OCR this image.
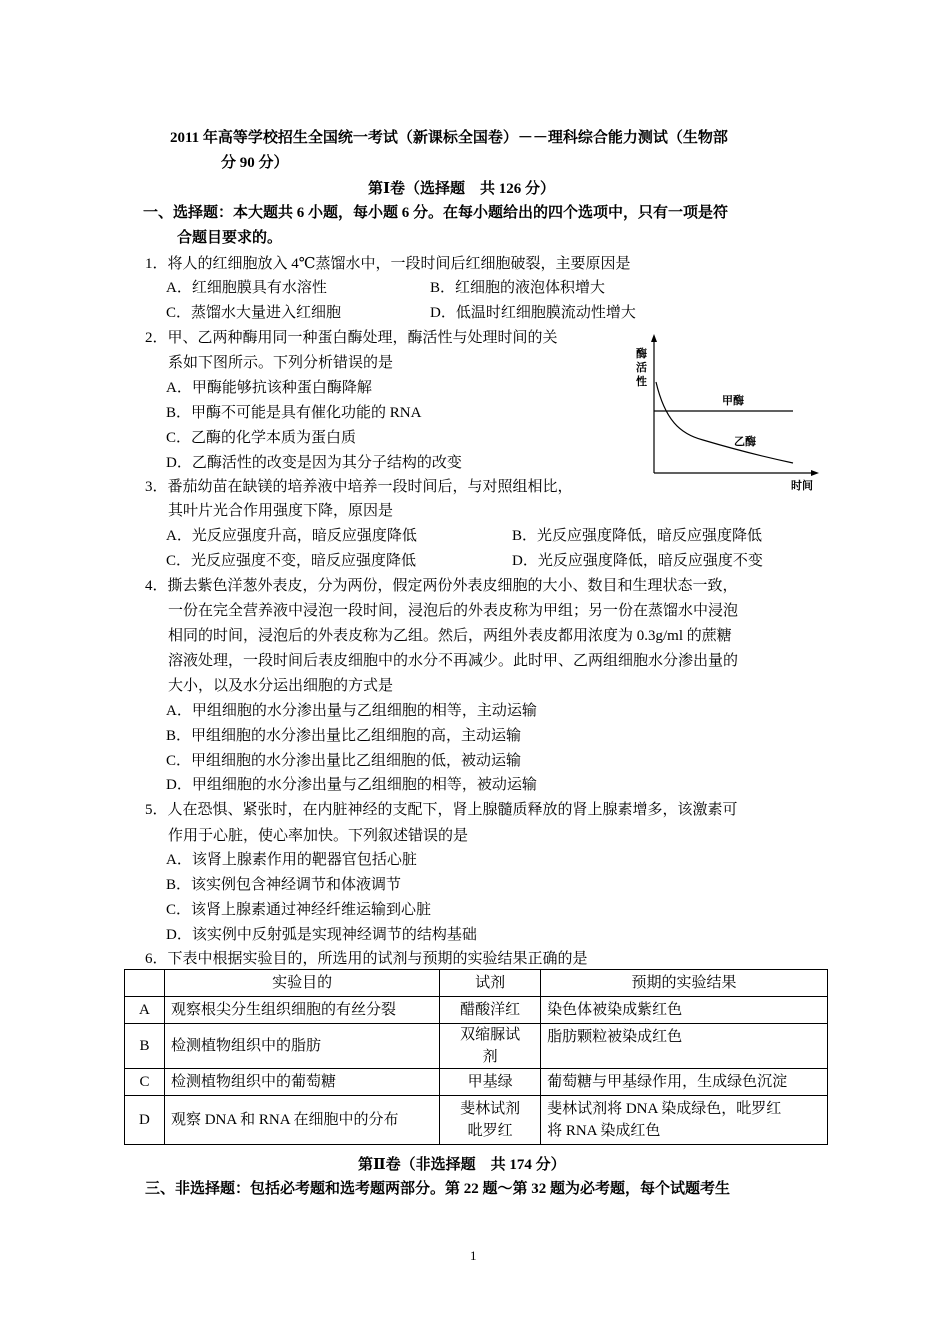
2011 年高等学校招生全国统一考试（新课标全国卷）－－理科综合能力测试（生物部
分 90 分）
第Ⅰ卷（选择题　共 126 分）
一、选择题：本大题共 6 小题，每小题 6 分。在每小题给出的四个选项中，只有一项是符
合题目要求的。
1．将人的红细胞放入 4℃蒸馏水中，一段时间后红细胞破裂，主要原因是
A．红细胞膜具有水溶性	B．红细胞的液泡体积增大
C．蒸馏水大量进入红细胞	D．低温时红细胞膜流动性增大
2．甲、乙两种酶用同一种蛋白酶处理，酶活性与处理时间的关
系如下图所示。下列分析错误的是
A．甲酶能够抗该种蛋白酶降解
B．甲酶不可能是具有催化功能的 RNA
C．乙酶的化学本质为蛋白质
D．乙酶活性的改变是因为其分子结构的改变
酶
活
性
时间
甲酶
乙酶
3．番茄幼苗在缺镁的培养液中培养一段时间后，与对照组相比，
其叶片光合作用强度下降，原因是
A．光反应强度升高，暗反应强度降低	B．光反应强度降低，暗反应强度降低
C．光反应强度不变，暗反应强度降低	D．光反应强度降低，暗反应强度不变
4．撕去紫色洋葱外表皮，分为两份，假定两份外表皮细胞的大小、数目和生理状态一致，
一份在完全营养液中浸泡一段时间，浸泡后的外表皮称为甲组；另一份在蒸馏水中浸泡
相同的时间，浸泡后的外表皮称为乙组。然后，两组外表皮都用浓度为 0.3g/ml 的蔗糖
溶液处理，一段时间后表皮细胞中的水分不再减少。此时甲、乙两组细胞水分渗出量的
大小，以及水分运出细胞的方式是
A．甲组细胞的水分渗出量与乙组细胞的相等，主动运输
B．甲组细胞的水分渗出量比乙组细胞的高，主动运输
C．甲组细胞的水分渗出量比乙组细胞的低，被动运输
D．甲组细胞的水分渗出量与乙组细胞的相等，被动运输
5．人在恐惧、紧张时，在内脏神经的支配下，肾上腺髓质释放的肾上腺素增多，该激素可
作用于心脏，使心率加快。下列叙述错误的是
A．该肾上腺素作用的靶器官包括心脏
B．该实例包含神经调节和体液调节
C．该肾上腺素通过神经纤维运输到心脏
D．该实例中反射弧是实现神经调节的结构基础
6．下表中根据实验目的，所选用的试剂与预期的实验结果正确的是
	实验目的	试剂	预期的实验结果
A	观察根尖分生组织细胞的有丝分裂	醋酸洋红	染色体被染成紫红色
B	检测植物组织中的脂肪	双缩脲试剂	脂肪颗粒被染成红色
C	检测植物组织中的葡萄糖	甲基绿	葡萄糖与甲基绿作用，生成绿色沉淀
D	观察 DNA 和 RNA 在细胞中的分布	斐林试剂吡罗红	斐林试剂将 DNA 染成绿色，吡罗红将 RNA 染成红色
第Ⅱ卷（非选择题　共 174 分）
三、非选择题：包括必考题和选考题两部分。第 22 题～第 32 题为必考题，每个试题考生
1
